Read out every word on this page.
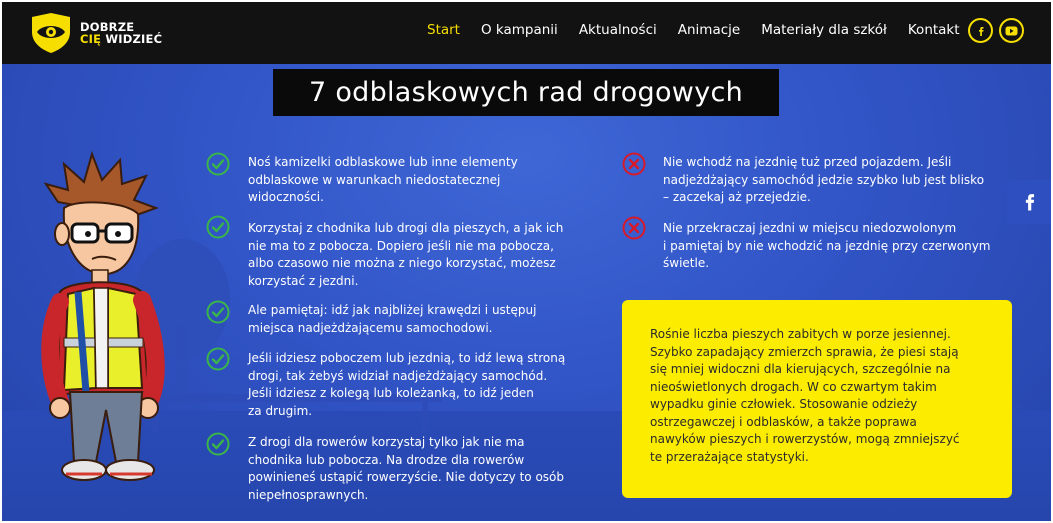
DOBRZE
CIĘ WIDZIEĆ
Start O kampanii Aktualności Animacje Materiały dla szkół Kontakt
7 odblaskowych rad drogowych
Noś kamizelki odblaskowe lub inne elementy
odblaskowe w warunkach niedostatecznej
widoczności.
Korzystaj z chodnika lub drogi dla pieszych, a jak ich
nie ma to z pobocza. Dopiero jeśli nie ma pobocza,
albo czasowo nie można z niego korzystać, możesz
korzystać z jezdni.
Ale pamiętaj: idź jak najbliżej krawędzi i ustępuj
miejsca nadjeżdżającemu samochodowi.
Jeśli idziesz poboczem lub jezdnią, to idź lewą stroną
drogi, tak żebyś widział nadjeżdżający samochód.
Jeśli idziesz z kolegą lub koleżanką, to idź jeden
za drugim.
Z drogi dla rowerów korzystaj tylko jak nie ma
chodnika lub pobocza. Na drodze dla rowerów
powinieneś ustąpić rowerzyście. Nie dotyczy to osób
niepełnosprawnych.
Nie wchodź na jezdnię tuż przed pojazdem. Jeśli
nadjeżdżający samochód jedzie szybko lub jest blisko
– zaczekaj aż przejedzie.
Nie przekraczaj jezdni w miejscu niedozwolonym
i pamiętaj by nie wchodzić na jezdnię przy czerwonym
świetle.
Rośnie liczba pieszych zabitych w porze jesiennej.
Szybko zapadający zmierzch sprawia, że piesi stają
się mniej widoczni dla kierujących, szczególnie na
nieoświetlonych drogach. W co czwartym takim
wypadku ginie człowiek. Stosowanie odzieży
ostrzegawczej i odblasków, a także poprawa
nawyków pieszych i rowerzystów, mogą zmniejszyć
te przerażające statystyki.
